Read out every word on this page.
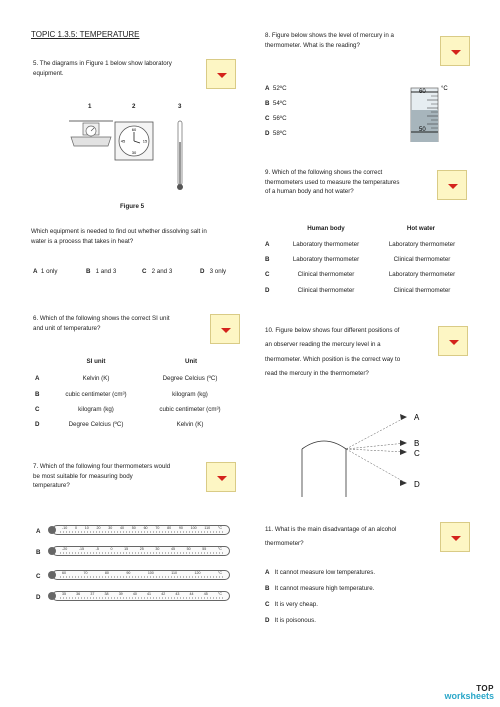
TOPIC 1.3.5: TEMPERATURE
5. The diagrams in Figure 1 below show laboratory
equipment.
1	2	3
60
15
30
45
Figure 5
Which equipment is needed to find out whether dissolving salt in
water is a process that takes in heat?
A 1 only	B 1 and 3	C 2 and 3	D 3 only
6. Which of the following shows the correct SI unit
and unit of temperature?
SI unit	Unit
A	Kelvin (K)	Degree Celcius (ºC)
B	cubic centimeter (cm³)	kilogram (kg)
C	kilogram (kg)	cubic centimeter (cm³)
D	Degree Celcius (ºC)	Kelvin (K)
7. Which of the following four thermometers would
be most suitable for measuring body
temperature?
A
-10 0 10 20 30 40 50 60 70 80 90 100 110 °C
B
-20	-15	-5	0	15	25	30	45	50	55	°C
C
60	70	80	90	100	110	120	°C
D
35	36	37	38	39	40	41	42	43	44	45	°C
8. Figure below shows the level of mercury in a
thermometer. What is the reading?
A 52ºC
B 54ºC
C 56ºC
D 58ºC
60
50
°C
9. Which of the following shows the correct
thermometers used to measure the temperatures
of a human body and hot water?
Human body	Hot water
A	Laboratory thermometer	Laboratory thermometer
B	Laboratory thermometer	Clinical thermometer
C	Clinical thermometer	Laboratory thermometer
D	Clinical thermometer	Clinical thermometer
10. Figure below shows four different positions of
an observer reading the mercury level in a
thermometer. Which position is the correct way to
read the mercury in the thermometer?
A
B
C
D
11. What is the main disadvantage of an alcohol
thermometer?
A It cannot measure low temperatures.
B It cannot measure high temperature.
C It is very cheap.
D It is poisonous.
TOP
worksheets
